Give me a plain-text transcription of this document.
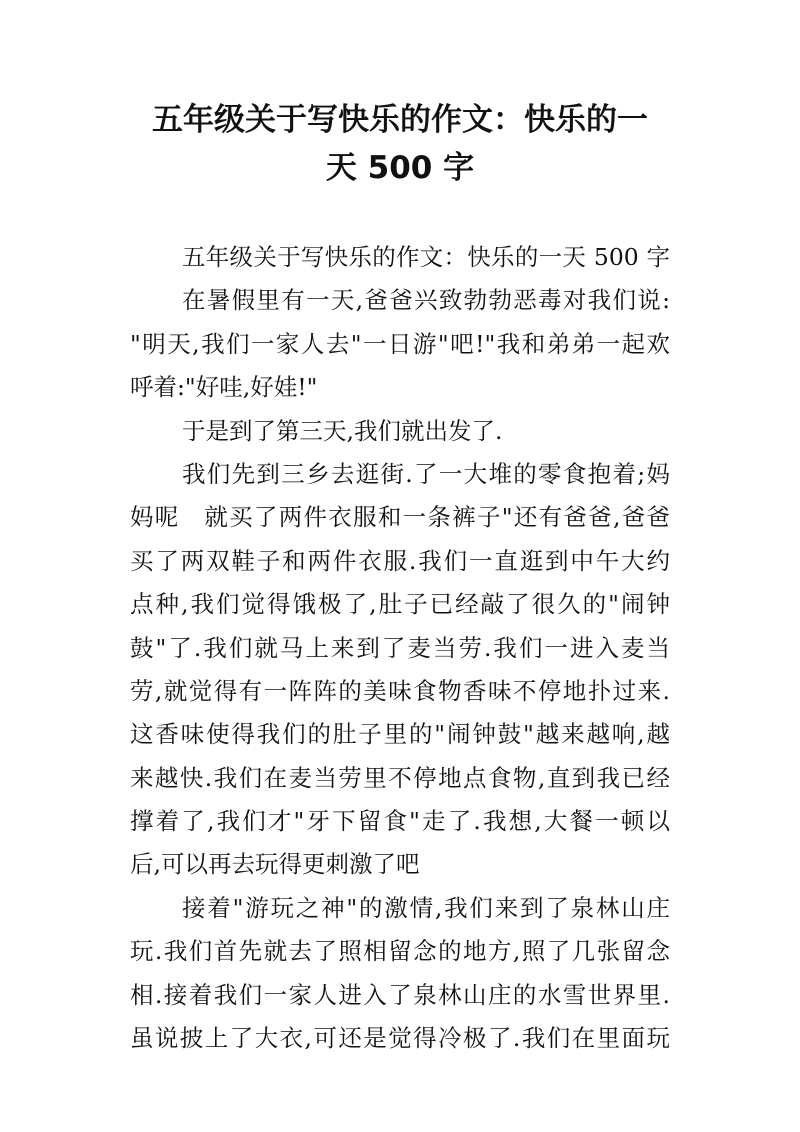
五年级关于写快乐的作文：快乐的一
天 500 字
五年级关于写快乐的作文：快乐的一天 500 字
在暑假里有一天,爸爸兴致勃勃恶毒对我们说:
"明天,我们一家人去"一日游"吧!"我和弟弟一起欢
呼着:"好哇,好娃!"
于是到了第三天,我们就出发了.
我们先到三乡去逛街.了一大堆的零食抱着;妈
妈呢　就买了两件衣服和一条裤子"还有爸爸,爸爸
买了两双鞋子和两件衣服.我们一直逛到中午大约
点种,我们觉得饿极了,肚子已经敲了很久的"闹钟
鼓"了.我们就马上来到了麦当劳.我们一进入麦当
劳,就觉得有一阵阵的美味食物香味不停地扑过来.
这香味使得我们的肚子里的"闹钟鼓"越来越响,越
来越快.我们在麦当劳里不停地点食物,直到我已经
撑着了,我们才"牙下留食"走了.我想,大餐一顿以
后,可以再去玩得更刺激了吧
接着"游玩之神"的激情,我们来到了泉林山庄
玩.我们首先就去了照相留念的地方,照了几张留念
相.接着我们一家人进入了泉林山庄的水雪世界里.
虽说披上了大衣,可还是觉得冷极了.我们在里面玩
